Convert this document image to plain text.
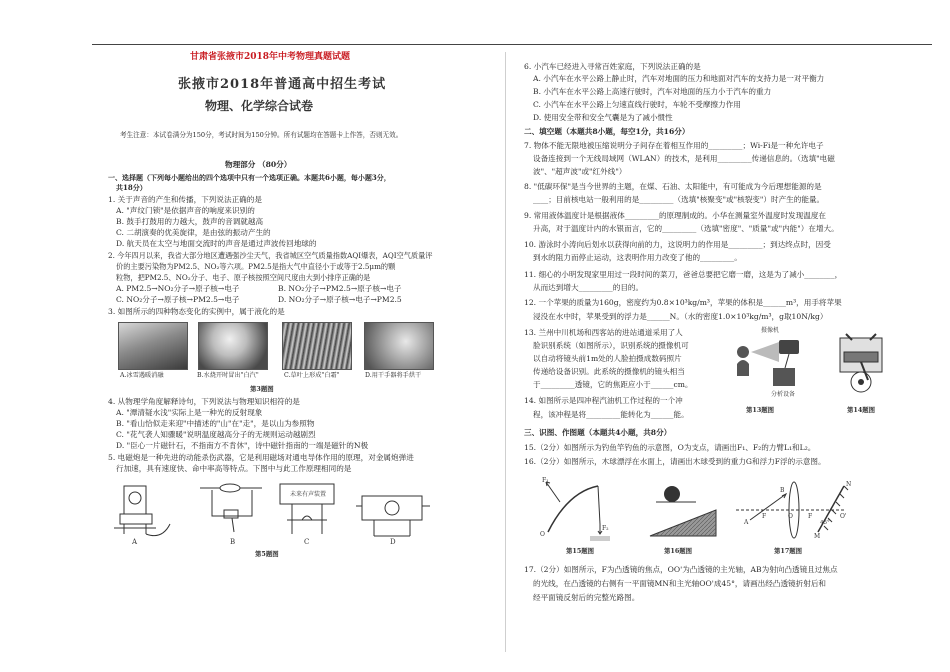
甘肃省张掖市2018年中考物理真题试题
张掖市2018年普通高中招生考试
物理、化学综合试卷
考生注意：本试卷满分为150分，考试时间为150分钟。所有试题均在答题卡上作答，否则无效。
物理部分 （80分）
一、选择题（下列每小题给出的四个选项中只有一个选项正确。本题共6小题，每小题3分，
共18分）
1. 关于声音的产生和传播，下列说法正确的是
A. "声纹门锁"是依据声音的响度来识别的
B. 鼓手打鼓用的力越大，鼓声的音调就越高
C. 二胡演奏的优美旋律，是由弦的振动产生的
D. 航天员在太空与地面交流时的声音是通过声波传回地球的
2. 今年四月以来，我省大部分地区遭遇强沙尘天气，我省城区空气质量指数AQI爆表，AQI空气质量评
价的主要污染物为PM2.5、NO₂等六项。PM2.5是指大气中直径小于或等于2.5μm的颗
粒物，把PM2.5、NO₂分子、电子、原子核按照空间尺度由大到小排序正确的是
A. PM2.5→NO₂分子→原子核→电子	B. NO₂分子→PM2.5→原子核→电子
C. NO₂分子→原子核→PM2.5→电子	D. NO₂分子→原子核→电子→PM2.5
3. 如图所示的四种物态变化的实例中，属于液化的是
A.冰雪遇暖消融	B.水烧开时冒出"白汽"	C.草叶上形成"白霜"	D.用干手器将手烘干
第3题图
4. 从物理学角度解释诗句，下列说法与物理知识相符的是
A. "潭清疑水浅"实际上是一种光的反射现象
B. "看山恰似走来迎"中描述的"山"在"走"，是以山为参照物
C. "花气袭人知骤暖"说明温度越高分子的无规则运动越剧烈
D. "臣心一片磁针石，不指南方不肯休"，诗中磁针指南的一端是磁针的N极
5. 电磁炮是一种先进的动能杀伤武器，它是利用磁场对通电导体作用的原理，对金属炮弹进
行加速，具有速度快、命中率高等特点。下图中与此工作原理相同的是
未来有声装置
A	B	C	D
第5题图
6. 小汽车已经进入寻常百姓家庭，下列说法正确的是
A. 小汽车在水平公路上静止时，汽车对地面的压力和地面对汽车的支持力是一对平衡力
B. 小汽车在水平公路上高速行驶时，汽车对地面的压力小于汽车的重力
C. 小汽车在水平公路上匀速直线行驶时，车轮不受摩擦力作用
D. 使用安全带和安全气囊是为了减小惯性
二、填空题（本题共8小题，每空1分，共16分）
7. 物体不能无限地被压缩说明分子间存在着相互作用的_________；Wi-Fi是一种允许电子
设备连接到一个无线局域网（WLAN）的技术，是利用_________传递信息的。（选填"电磁
波"、"超声波"或"红外线"）
8. "低碳环保"是当今世界的主题，在煤、石油、太阳能中，有可能成为今后理想能源的是
____；目前核电站一般利用的是_________（选填"核聚变"或"核裂变"）时产生的能量。
9. 常用液体温度计是根据液体_________的原理制成的。小华在测量室外温度时发现温度在
升高，对于温度计内的水银而言，它的_________（选填"密度"、"质量"或"内能"）在增大。
10. 游泳时小涛向后划水以获得向前的力，这说明力的作用是_________；到达终点时，因受
到水的阻力而停止运动，这表明作用力改变了他的_________。
11. 细心的小明发现家里用过一段时间的菜刀，爸爸总要把它磨一磨，这是为了减小________，
从而达到增大_________的目的。
12. 一个苹果的质量为160g，密度约为0.8×10³kg/m³，苹果的体积是______m³，用手将苹果
浸没在水中时，苹果受到的浮力是______N。（水的密度1.0×10³kg/m³，g取10N/kg）
13. 兰州中川机场和西客站的进站通道采用了人
脸识别系统（如图所示），识别系统的摄像机可
以自动将镜头前1m处的人脸拍摄成数码照片
传递给设备识别。此系统的摄像机的镜头相当
于_________透镜，它的焦距应小于______cm。
摄像机
分析设备
第13题图	第14题图
14. 如图所示是四冲程汽油机工作过程的一个冲
程，该冲程是将_________能转化为______能。
三、识图、作图题（本题共4小题，共8分）
15.（2分）如图所示为钓鱼竿钓鱼的示意图，O为支点，请画出F₁、F₂的力臂L₁和L₂。
16.（2分）如图所示，木球漂浮在水面上，请画出木球受到的重力G和浮力F浮的示意图。
F₁
F₂
O
A
B
F	O	F	O'
45°
N
M
第15题图	第16题图	第17题图
17.（2分）如图所示，F为凸透镜的焦点，OO'为凸透镜的主光轴，AB为射向凸透镜且过焦点
的光线，在凸透镜的右侧有一平面镜MN和主光轴OO'成45°，请画出经凸透镜折射后和
经平面镜反射后的完整光路图。
